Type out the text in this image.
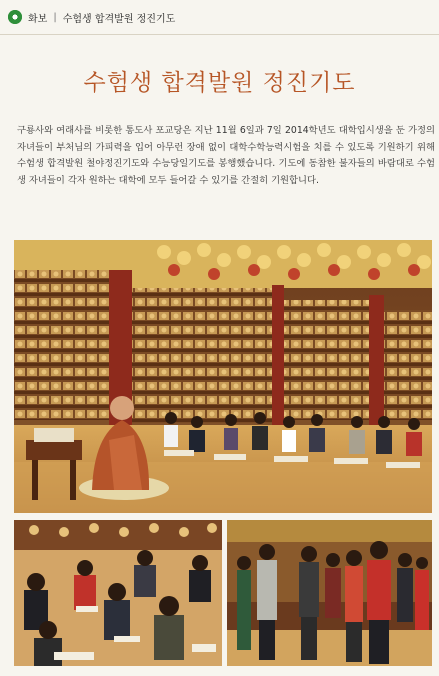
화보 | 수험생 합격발원 정진기도
수험생 합격발원 정진기도
구룡사와 여래사를 비롯한 통도사 포교당은 지난 11월 6일과 7일 2014학년도 대학입시생을 둔 가정의 자녀들이 부처님의 가피력을 입어 아무런 장애 없이 대학수학능력시험을 치를 수 있도록 기원하기 위해 수험생 합격발원 철야정진기도와 수능당일기도를 봉행했습니다. 기도에 동참한 불자들의 바람대로 수험생 자녀들이 각자 원하는 대학에 모두 들어갈 수 있기를 간절히 기원합니다.
